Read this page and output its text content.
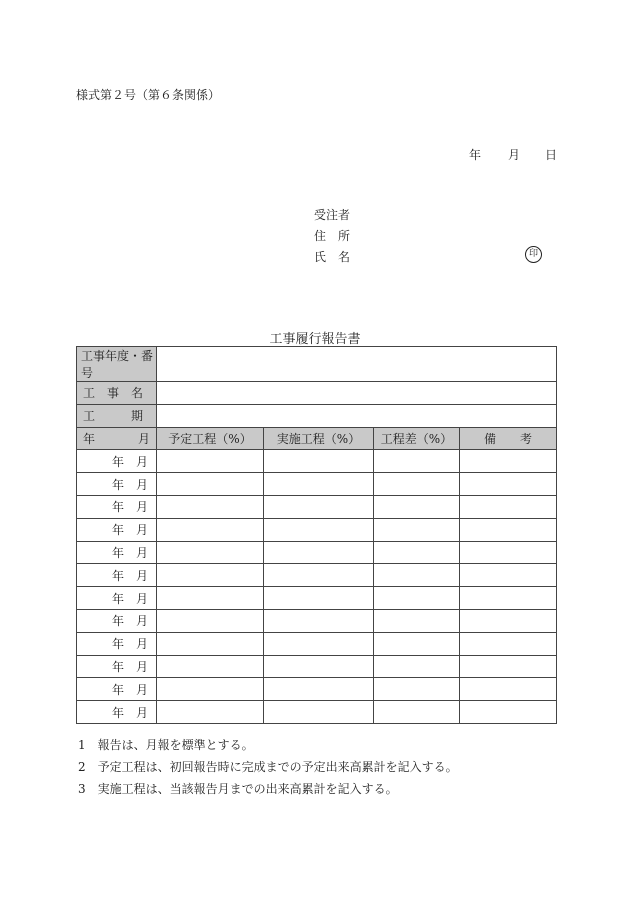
様式第２号（第６条関係）
年 月 日
受注者
住　所
氏　名	印
工事履行報告書
工事年度・番号				
工　事　名				
工　　　期				

年 月	予定工程（%）	実施工程（%）	工程差（%）	備　　考
年　月				
年　月				
年　月				
年　月				
年　月				
年　月				
年　月				
年　月				
年　月				
年　月				
年　月				
年　月				
1　報告は、月報を標準とする。
2　予定工程は、初回報告時に完成までの予定出来高累計を記入する。
3　実施工程は、当該報告月までの出来高累計を記入する。
